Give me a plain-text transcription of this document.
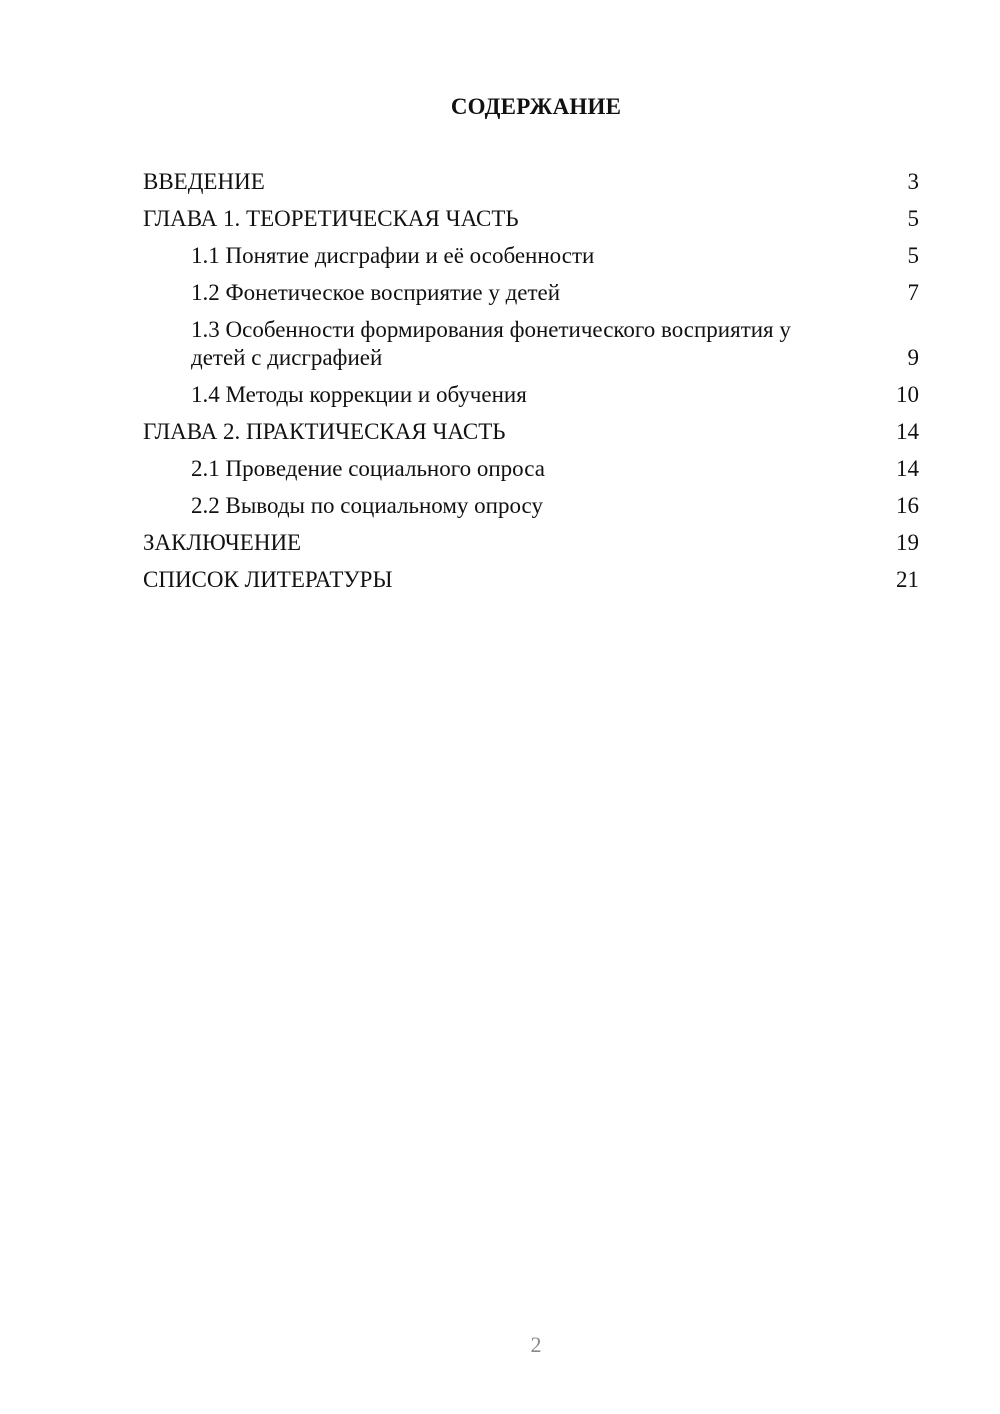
СОДЕРЖАНИЕ
ВВЕДЕНИЕ	3
ГЛАВА 1. ТЕОРЕТИЧЕСКАЯ ЧАСТЬ	5
1.1 Понятие дисграфии и её особенности	5
1.2 Фонетическое восприятие у детей	7
1.3 Особенности формирования фонетического восприятия у детей с дисграфией	9
1.4 Методы коррекции и обучения	10
ГЛАВА 2. ПРАКТИЧЕСКАЯ ЧАСТЬ	14
2.1 Проведение социального опроса	14
2.2 Выводы по социальному опросу	16
ЗАКЛЮЧЕНИЕ	19
СПИСОК ЛИТЕРАТУРЫ	21
2
